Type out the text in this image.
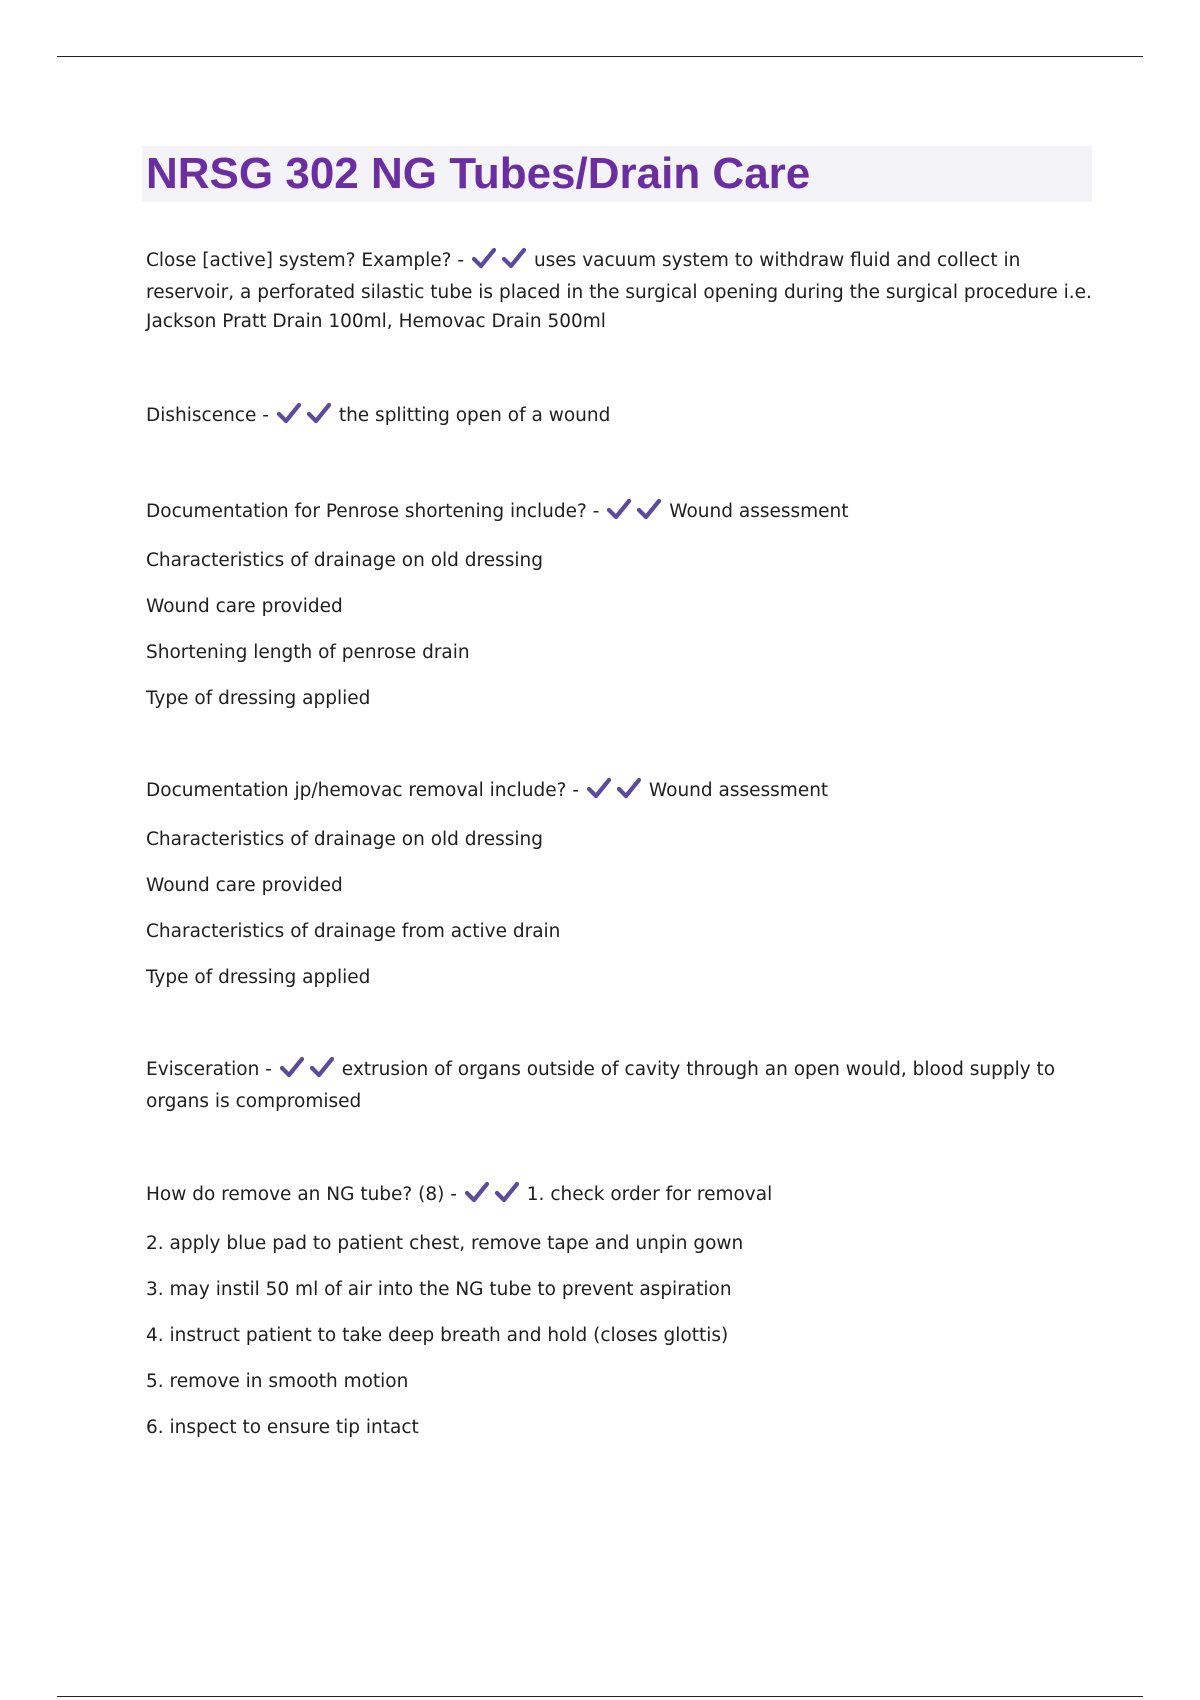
NRSG 302 NG Tubes/Drain Care

Close [active] system? Example? -	uses vacuum system to withdraw fluid and collect in reservoir, a perforated silastic tube is placed in the surgical opening during the surgical procedure i.e. Jackson Pratt Drain 100ml, Hemovac Drain 500ml

Dishiscence -	the splitting open of a wound

Documentation for Penrose shortening include? -	Wound assessment

Characteristics of drainage on old dressing

Wound care provided

Shortening length of penrose drain

Type of dressing applied

Documentation jp/hemovac removal include? -	Wound assessment

Characteristics of drainage on old dressing

Wound care provided

Characteristics of drainage from active drain

Type of dressing applied

Evisceration -	extrusion of organs outside of cavity through an open would, blood supply to organs is compromised

How do remove an NG tube? (8) -	1. check order for removal

2. apply blue pad to patient chest, remove tape and unpin gown

3. may instil 50 ml of air into the NG tube to prevent aspiration

4. instruct patient to take deep breath and hold (closes glottis)

5. remove in smooth motion

6. inspect to ensure tip intact
